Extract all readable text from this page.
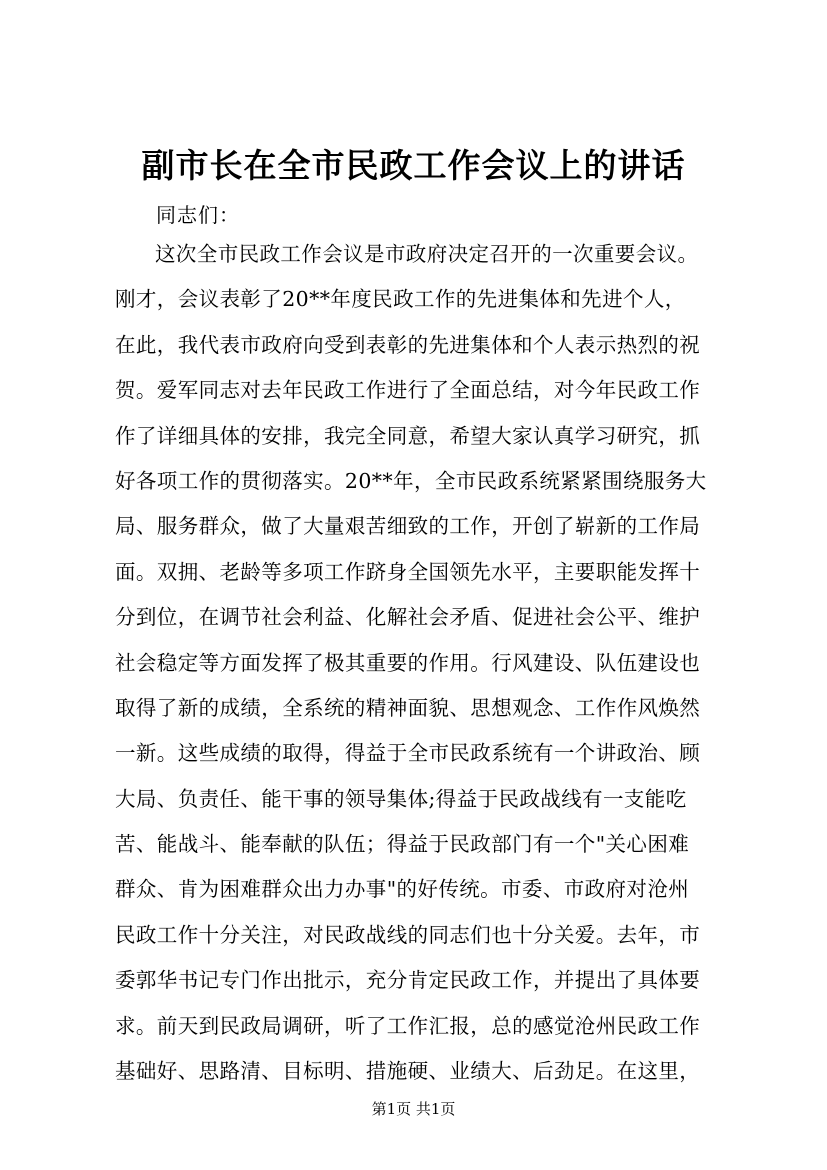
副市长在全市民政工作会议上的讲话
同志们：
这次全市民政工作会议是市政府决定召开的一次重要会议。
刚才，会议表彰了20**年度民政工作的先进集体和先进个人，
在此，我代表市政府向受到表彰的先进集体和个人表示热烈的祝
贺。爱军同志对去年民政工作进行了全面总结，对今年民政工作
作了详细具体的安排，我完全同意，希望大家认真学习研究，抓
好各项工作的贯彻落实。20**年，全市民政系统紧紧围绕服务大
局、服务群众，做了大量艰苦细致的工作，开创了崭新的工作局
面。双拥、老龄等多项工作跻身全国领先水平，主要职能发挥十
分到位，在调节社会利益、化解社会矛盾、促进社会公平、维护
社会稳定等方面发挥了极其重要的作用。行风建设、队伍建设也
取得了新的成绩，全系统的精神面貌、思想观念、工作作风焕然
一新。这些成绩的取得，得益于全市民政系统有一个讲政治、顾
大局、负责任、能干事的领导集体;得益于民政战线有一支能吃
苦、能战斗、能奉献的队伍；得益于民政部门有一个"关心困难
群众、肯为困难群众出力办事"的好传统。市委、市政府对沧州
民政工作十分关注，对民政战线的同志们也十分关爱。去年，市
委郭华书记专门作出批示，充分肯定民政工作，并提出了具体要
求。前天到民政局调研，听了工作汇报，总的感觉沧州民政工作
基础好、思路清、目标明、措施硬、业绩大、后劲足。在这里，
第1页 共1页
